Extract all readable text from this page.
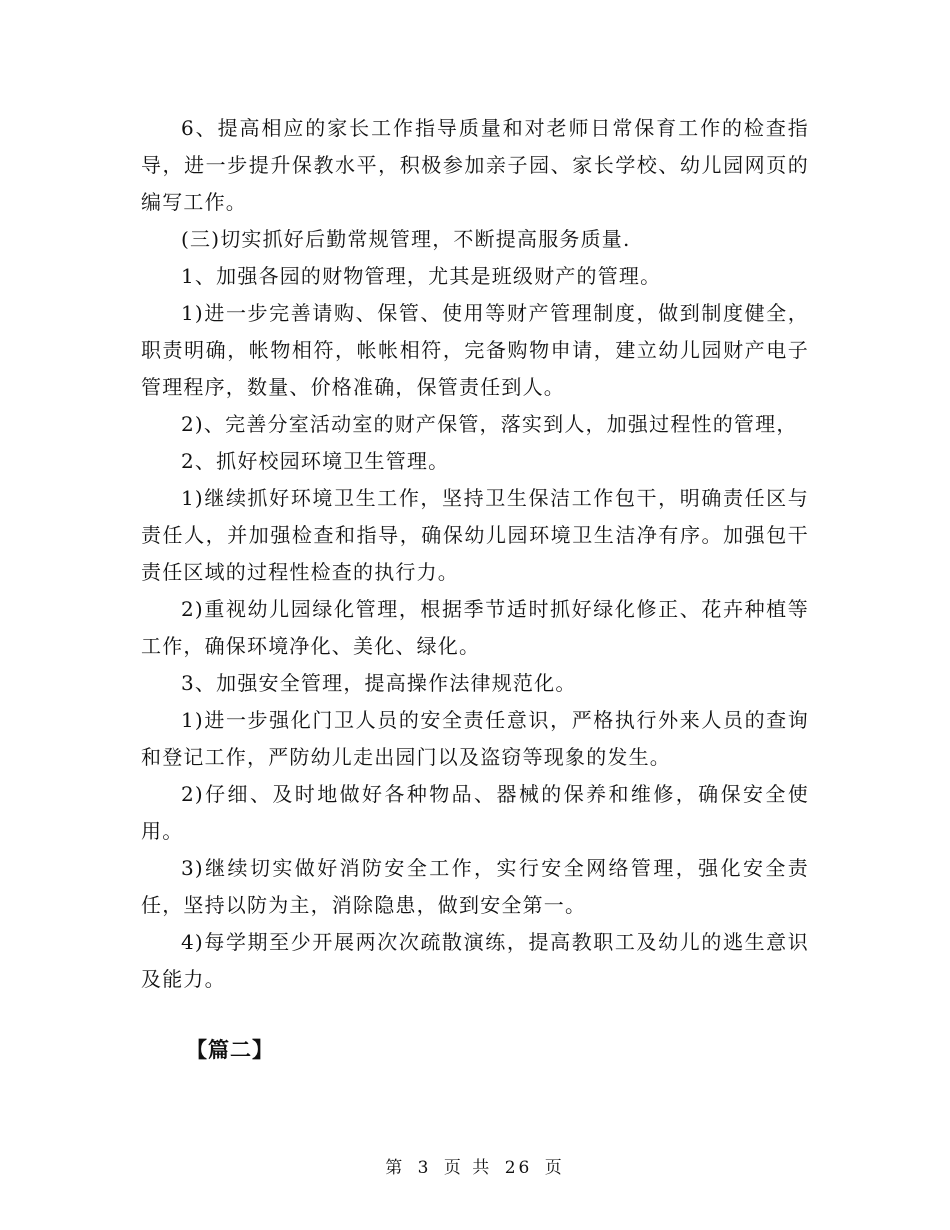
6、提高相应的家长工作指导质量和对老师日常保育工作的检查指导，进一步提升保教水平，积极参加亲子园、家长学校、幼儿园网页的编写工作。

(三)切实抓好后勤常规管理，不断提高服务质量.

1、加强各园的财物管理，尤其是班级财产的管理。

1)进一步完善请购、保管、使用等财产管理制度，做到制度健全，职责明确，帐物相符，帐帐相符，完备购物申请，建立幼儿园财产电子管理程序，数量、价格准确，保管责任到人。

2)、完善分室活动室的财产保管，落实到人，加强过程性的管理，

2、抓好校园环境卫生管理。

1)继续抓好环境卫生工作，坚持卫生保洁工作包干，明确责任区与责任人，并加强检查和指导，确保幼儿园环境卫生洁净有序。加强包干责任区域的过程性检查的执行力。

2)重视幼儿园绿化管理，根据季节适时抓好绿化修正、花卉种植等工作，确保环境净化、美化、绿化。

3、加强安全管理，提高操作法律规范化。

1)进一步强化门卫人员的安全责任意识，严格执行外来人员的查询和登记工作，严防幼儿走出园门以及盗窃等现象的发生。

2)仔细、及时地做好各种物品、器械的保养和维修，确保安全使用。

3)继续切实做好消防安全工作，实行安全网络管理，强化安全责任，坚持以防为主，消除隐患，做到安全第一。

4)每学期至少开展两次次疏散演练，提高教职工及幼儿的逃生意识及能力。

【篇二】

第 3 页 共 26 页
